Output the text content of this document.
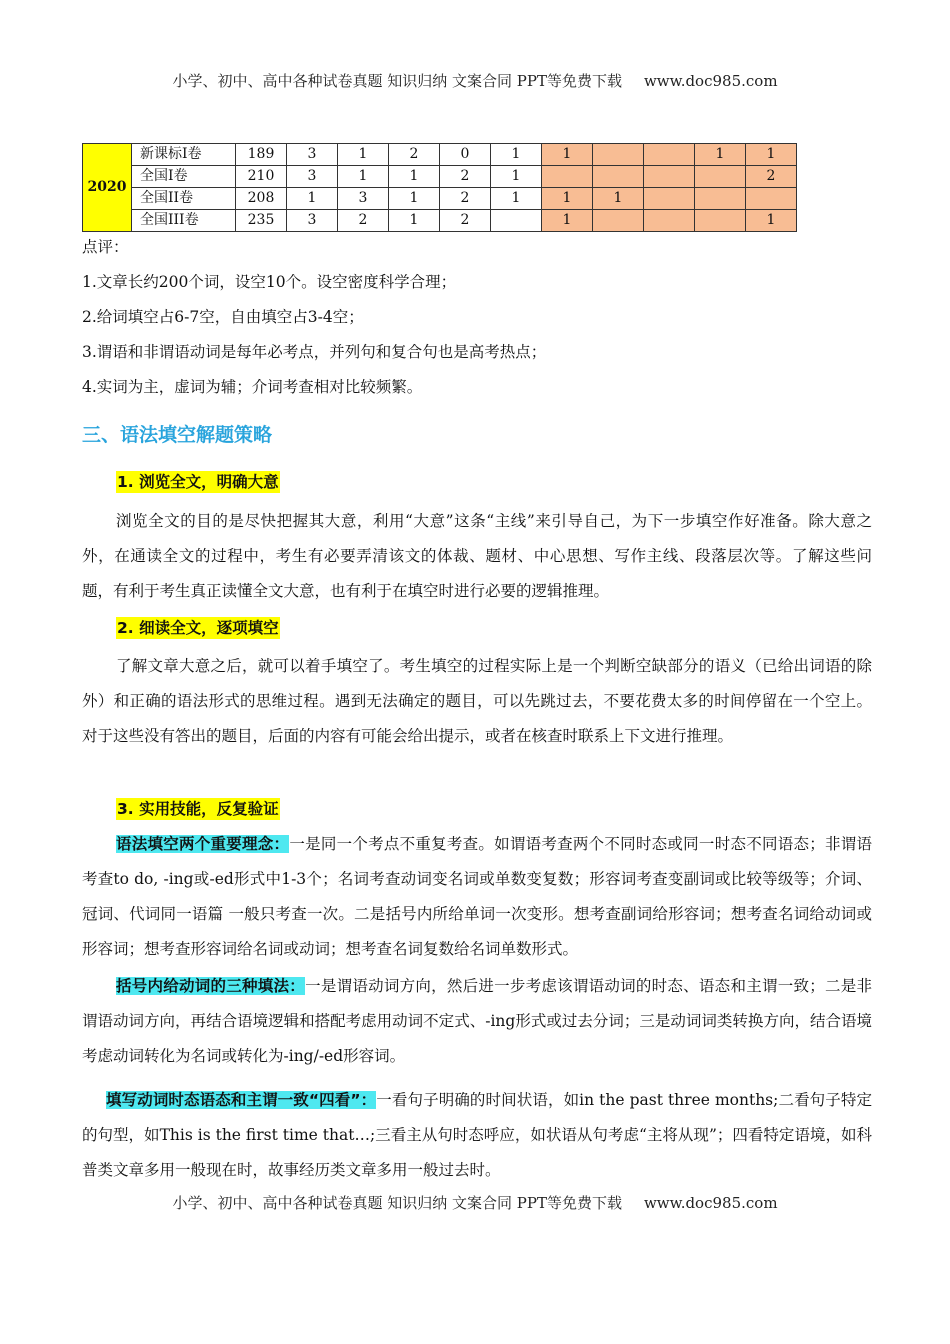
小学、初中、高中各种试卷真题 知识归纳 文案合同 PPT等免费下载 www.doc985.com
2020	新课标I卷	189	3	1	2	0	1	1			1	1
	全国I卷	210	3	1	1	2	1					2
	全国II卷	208	1	3	1	2	1	1	1			
	全国III卷	235	3	2	1	2		1				1
点评：
1.文章长约200个词，设空10个。设空密度科学合理；
2.给词填空占6-7空，自由填空占3-4空；
3.谓语和非谓语动词是每年必考点，并列句和复合句也是高考热点；
4.实词为主，虚词为辅；介词考查相对比较频繁。
三、语法填空解题策略
1. 浏览全文，明确大意
浏览全文的目的是尽快把握其大意，利用“大意”这条“主线”来引导自己，为下一步填空作好准备。除大意之外，在通读全文的过程中，考生有必要弄清该文的体裁、题材、中心思想、写作主线、段落层次等。了解这些问题，有利于考生真正读懂全文大意，也有利于在填空时进行必要的逻辑推理。
2. 细读全文，逐项填空
了解文章大意之后，就可以着手填空了。考生填空的过程实际上是一个判断空缺部分的语义（已给出词语的除外）和正确的语法形式的思维过程。遇到无法确定的题目，可以先跳过去，不要花费太多的时间停留在一个空上。对于这些没有答出的题目，后面的内容有可能会给出提示，或者在核查时联系上下文进行推理。
3. 实用技能，反复验证
语法填空两个重要理念：一是同一个考点不重复考查。如谓语考查两个不同时态或同一时态不同语态；非谓语考查to do, -ing或-ed形式中1-3个；名词考查动词变名词或单数变复数；形容词考查变副词或比较等级等；介词、冠词、代词同一语篇 一般只考查一次。二是括号内所给单词一次变形。想考查副词给形容词；想考查名词给动词或形容词；想考查形容词给名词或动词；想考查名词复数给名词单数形式。
括号内给动词的三种填法：一是谓语动词方向，然后进一步考虑该谓语动词的时态、语态和主谓一致；二是非谓语动词方向，再结合语境逻辑和搭配考虑用动词不定式、-ing形式或过去分词；三是动词词类转换方向，结合语境考虑动词转化为名词或转化为-ing/-ed形容词。
填写动词时态语态和主谓一致“四看”：一看句子明确的时间状语，如in the past three months;二看句子特定的句型，如This is the first time that…;三看主从句时态呼应，如状语从句考虑“主将从现”；四看特定语境，如科普类文章多用一般现在时，故事经历类文章多用一般过去时。
小学、初中、高中各种试卷真题 知识归纳 文案合同 PPT等免费下载 www.doc985.com
